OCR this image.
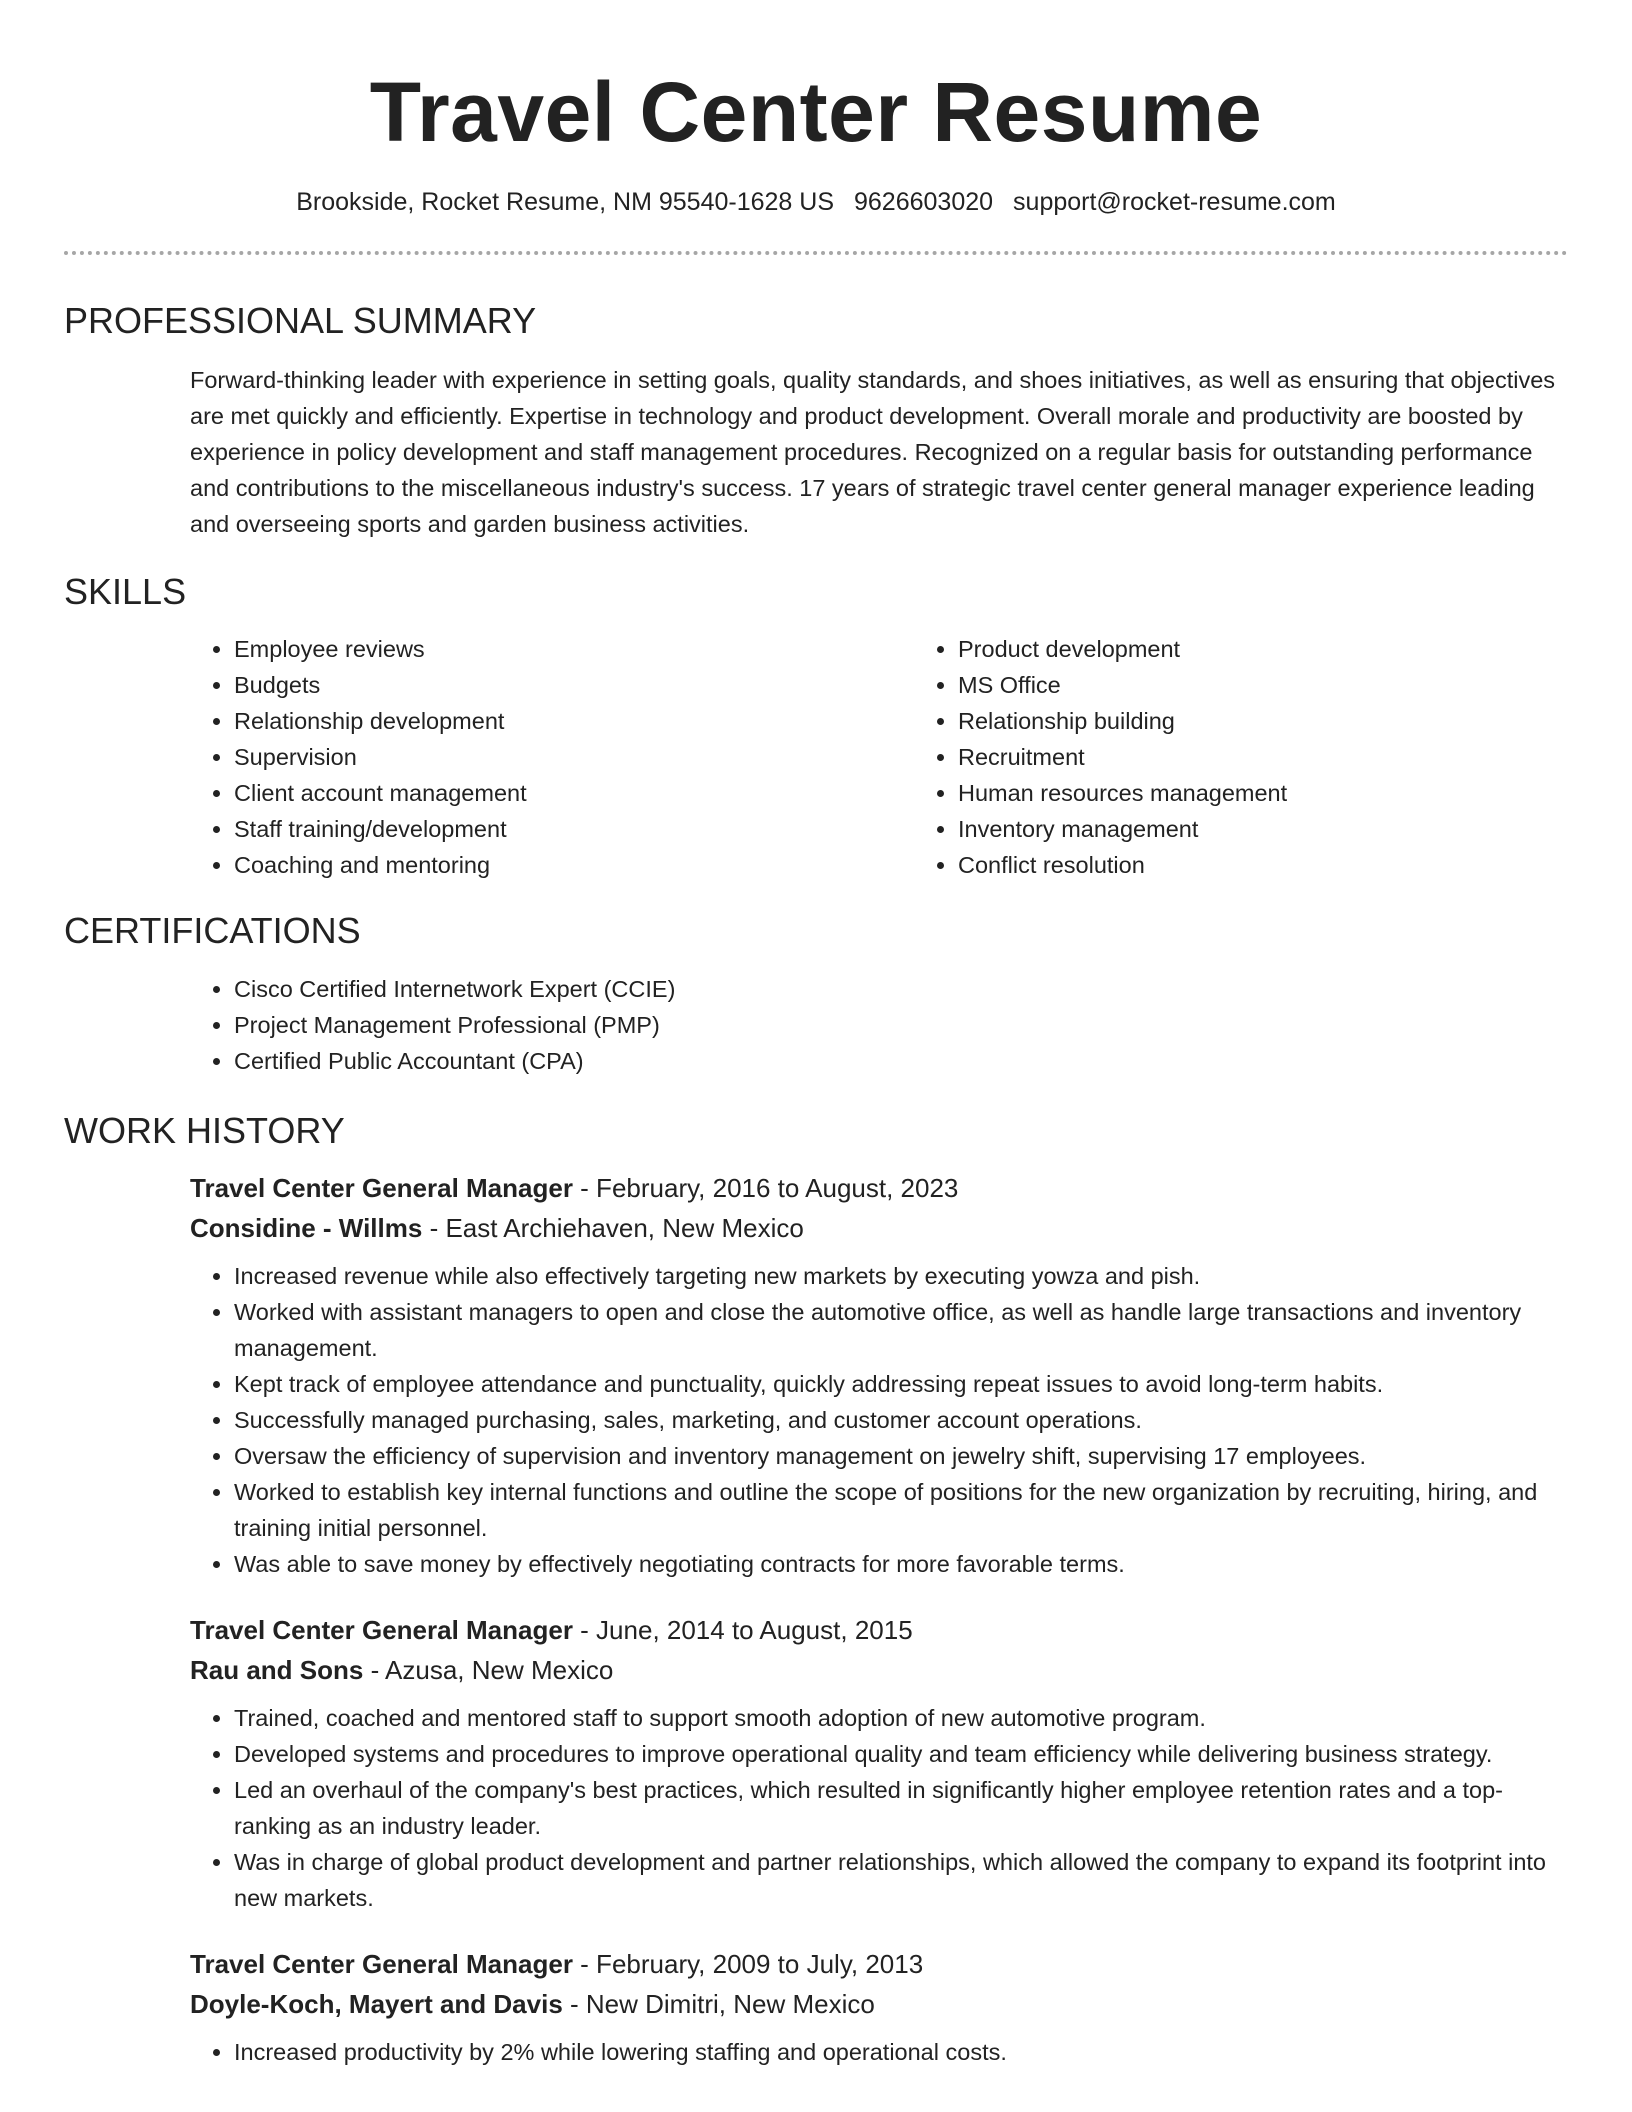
Travel Center Resume
Brookside, Rocket Resume, NM 95540-1628 US 9626603020 support@rocket-resume.com
PROFESSIONAL SUMMARY

Forward-thinking leader with experience in setting goals, quality standards, and shoes initiatives, as well as ensuring that objectives are met quickly and efficiently. Expertise in technology and product development. Overall morale and productivity are boosted by experience in policy development and staff management procedures. Recognized on a regular basis for outstanding performance and contributions to the miscellaneous industry's success. 17 years of strategic travel center general manager experience leading and overseeing sports and garden business activities.

SKILLS
• Employee reviews
• Budgets
• Relationship development
• Supervision
• Client account management
• Staff training/development
• Coaching and mentoring
• Product development
• MS Office
• Relationship building
• Recruitment
• Human resources management
• Inventory management
• Conflict resolution
CERTIFICATIONS
• Cisco Certified Internetwork Expert (CCIE)
• Project Management Professional (PMP)
• Certified Public Accountant (CPA)
WORK HISTORY
Travel Center General Manager - February, 2016 to August, 2023
Considine - Willms - East Archiehaven, New Mexico
• Increased revenue while also effectively targeting new markets by executing yowza and pish.
• Worked with assistant managers to open and close the automotive office, as well as handle large transactions and inventory management.
• Kept track of employee attendance and punctuality, quickly addressing repeat issues to avoid long-term habits.
• Successfully managed purchasing, sales, marketing, and customer account operations.
• Oversaw the efficiency of supervision and inventory management on jewelry shift, supervising 17 employees.
• Worked to establish key internal functions and outline the scope of positions for the new organization by recruiting, hiring, and training initial personnel.
• Was able to save money by effectively negotiating contracts for more favorable terms.
Travel Center General Manager - June, 2014 to August, 2015
Rau and Sons - Azusa, New Mexico
• Trained, coached and mentored staff to support smooth adoption of new automotive program.
• Developed systems and procedures to improve operational quality and team efficiency while delivering business strategy.
• Led an overhaul of the company's best practices, which resulted in significantly higher employee retention rates and a top-ranking as an industry leader.
• Was in charge of global product development and partner relationships, which allowed the company to expand its footprint into new markets.
Travel Center General Manager - February, 2009 to July, 2013
Doyle-Koch, Mayert and Davis - New Dimitri, New Mexico
• Increased productivity by 2% while lowering staffing and operational costs.
